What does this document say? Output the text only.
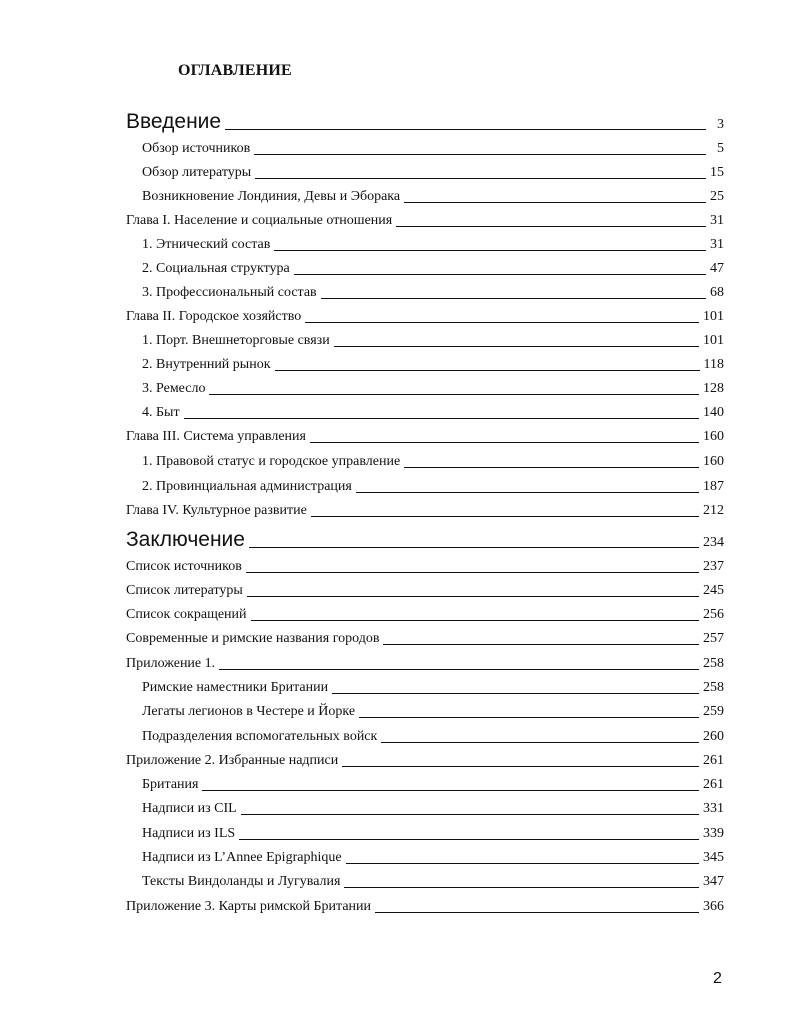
ОГЛАВЛЕНИЕ
Введение	3
Обзор источников	5
Обзор литературы	15
Возникновение Лондиния, Девы и Эборака	25
Глава I. Население и социальные отношения	31
1. Этнический состав	31
2. Социальная структура	47
3. Профессиональный состав	68
Глава II. Городское хозяйство	101
1. Порт. Внешнеторговые связи	101
2. Внутренний рынок	118
3. Ремесло	128
4. Быт	140
Глава III. Система управления	160
1. Правовой статус и городское управление	160
2. Провинциальная администрация	187
Глава IV. Культурное развитие	212
Заключение	234
Список источников	237
Список литературы	245
Список сокращений	256
Современные и римские названия городов	257
Приложение 1.	258
Римские наместники Британии	258
Легаты легионов в Честере и Йорке	259
Подразделения вспомогательных войск	260
Приложение 2. Избранные надписи	261
Британия	261
Надписи из CIL	331
Надписи из ILS	339
Надписи из L’Annee Epigraphique	345
Тексты Виндоланды и Лугувалия	347
Приложение 3. Карты римской Британии	366
2
